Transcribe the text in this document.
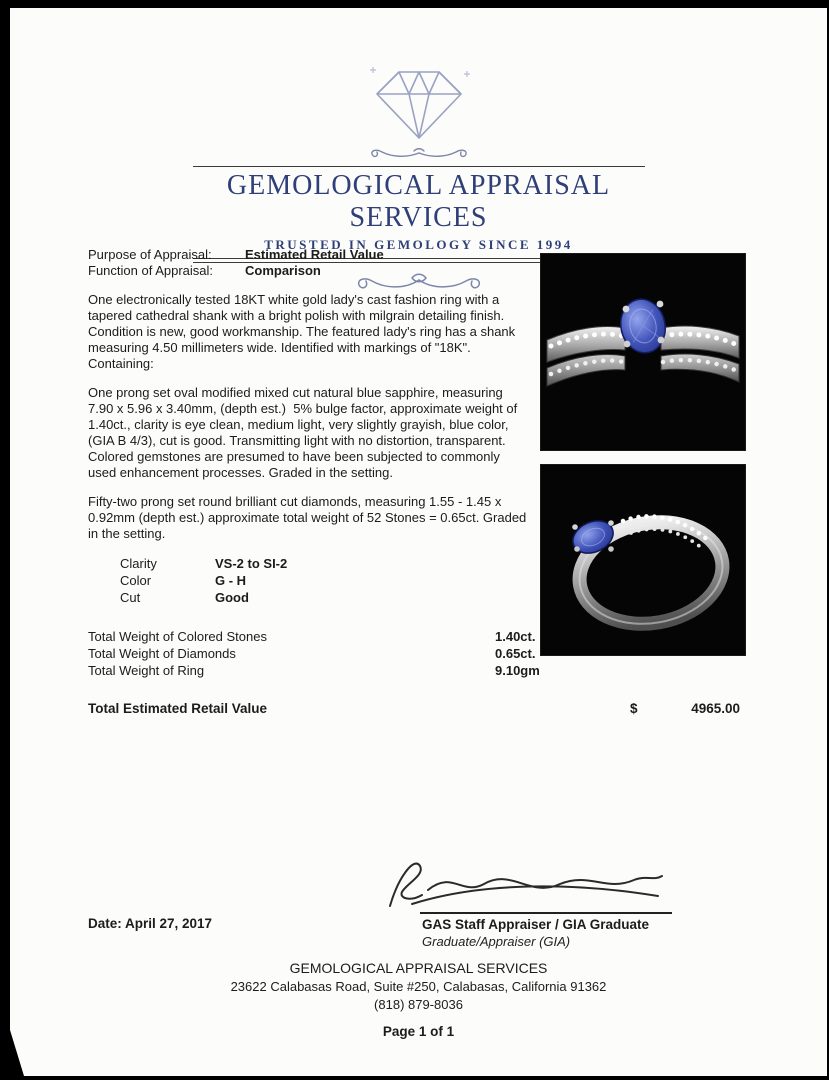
GEMOLOGICAL APPRAISAL SERVICES
TRUSTED IN GEMOLOGY SINCE 1994
Purpose of Appraisal:	Estimated Retail Value
Function of Appraisal:	Comparison
One electronically tested 18KT white gold lady's cast fashion ring with a tapered cathedral shank with a bright polish with milgrain detailing finish. Condition is new, good workmanship. The featured lady's ring has a shank measuring 4.50 millimeters wide. Identified with markings of "18K".  Containing:
One prong set oval modified mixed cut natural blue sapphire, measuring 7.90 x 5.96 x 3.40mm, (depth est.)  5% bulge factor, approximate weight of 1.40ct., clarity is eye clean, medium light, very slightly grayish, blue color, (GIA B 4/3), cut is good. Transmitting light with no distortion, transparent. Colored gemstones are presumed to have been subjected to commonly used enhancement processes. Graded in the setting.
Fifty-two prong set round brilliant cut diamonds, measuring 1.55 - 1.45 x 0.92mm (depth est.) approximate total weight of 52 Stones = 0.65ct. Graded in the setting.
Clarity	VS-2 to SI-2
Color	G - H
Cut	Good
Total Weight of Colored Stones	1.40ct.
Total Weight of Diamonds	0.65ct.
Total Weight of Ring	9.10gm
Total Estimated Retail Value	$	4965.00
GAS Staff Appraiser / GIA Graduate
Graduate/Appraiser (GIA)
Date: April 27, 2017
GEMOLOGICAL APPRAISAL SERVICES
23622 Calabasas Road, Suite #250, Calabasas, California 91362
(818) 879-8036
Page 1 of 1
